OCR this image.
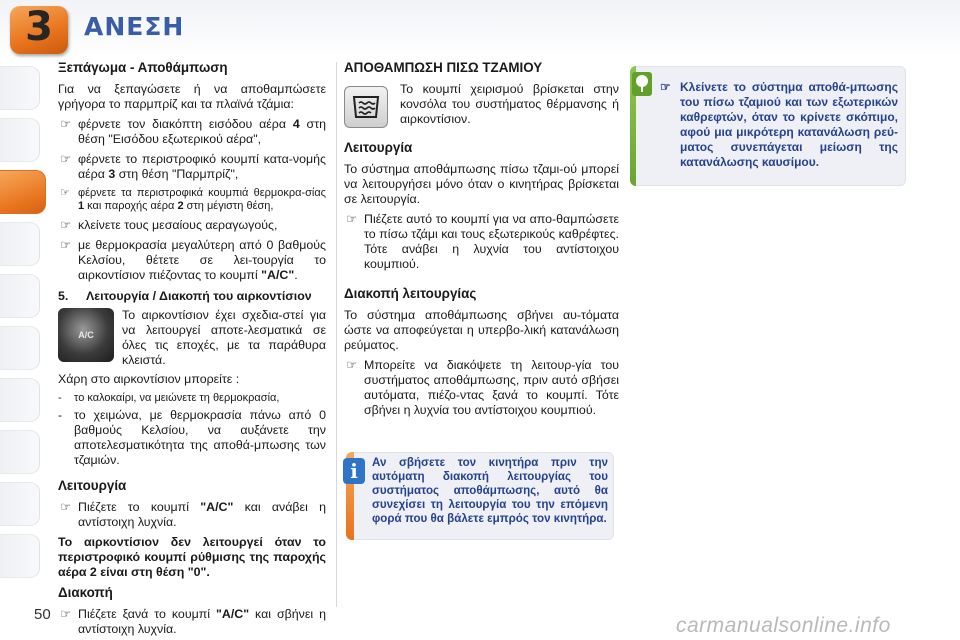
3	ΑΝΕΣΗ
Ξεπάγωμα - Αποθάμπωση

Για να ξεπαγώσετε ή να αποθαμπώσετε γρήγορα το παρμπρίζ και τα πλαϊνά τζάμια:

☞ φέρνετε τον διακόπτη εισόδου αέρα 4 στη θέση "Εισόδου εξωτερικού αέρα",
☞ φέρνετε το περιστροφικό κουμπί κατα-νομής αέρα 3 στη θέση "Παρμπρίζ",
☞ φέρνετε τα περιστροφικά κουμπιά θερμοκρα-σίας 1 και παροχής αέρα 2 στη μέγιστη θέση,
☞ κλείνετε τους μεσαίους αεραγωγούς,
☞ με θερμοκρασία μεγαλύτερη από 0 βαθμούς Κελσίου, θέτετε σε λει-τουργία το αιρκοντίσιον πιέζοντας το κουμπί "A/C".
5.	Λειτουργία / Διακοπή του αιρκοντίσιον
A/C
Το αιρκοντίσιον έχει σχεδια-στεί για να λειτουργεί αποτε-λεσματικά σε όλες τις εποχές, με τα παράθυρα κλειστά.

Χάρη στο αιρκοντίσιον μπορείτε :

-	το καλοκαίρι, να μειώνετε τη θερμοκρασία,
- το χειμώνα, με θερμοκρασία πάνω από 0 βαθμούς Κελσίου, να αυξάνετε την αποτελεσματικότητα της αποθά-μπωσης των τζαμιών.
Λειτουργία
☞ Πιέζετε το κουμπί "A/C" και ανάβει η αντίστοιχη λυχνία.

Το αιρκοντίσιον δεν λειτουργεί όταν το περιστροφικό κουμπί ρύθμισης της παροχής αέρα 2 είναι στη θέση "0".

Διακοπή
☞ Πιέζετε ξανά το κουμπί "A/C" και σβήνει η αντίστοιχη λυχνία.
ΑΠΟΘΑΜΠΩΣΗ ΠΙΣΩ ΤΖΑΜΙΟΥ
Το κουμπί χειρισμού βρίσκεται στην κονσόλα του συστήματος θέρμανσης ή αιρκοντίσιον.
Λειτουργία

Το σύστημα αποθάμπωσης πίσω τζαμι-ού μπορεί να λειτουργήσει μόνο όταν ο κινητήρας βρίσκεται σε λειτουργία.

☞ Πιέζετε αυτό το κουμπί για να απο-θαμπώσετε το πίσω τζάμι και τους εξωτερικούς καθρέφτες. Τότε ανάβει η λυχνία του αντίστοιχου κουμπιού.
Διακοπή λειτουργίας

Το σύστημα αποθάμπωσης σβήνει αυ-τόματα ώστε να αποφεύγεται η υπερβο-λική κατανάλωση ρεύματος.

☞ Μπορείτε να διακόψετε τη λειτουρ-γία του συστήματος αποθάμπωσης, πριν αυτό σβήσει αυτόματα, πιέζο-ντας ξανά το κουμπί. Τότε σβήνει η λυχνία του αντίστοιχου κουμπιού.
i	Αν σβήσετε τον κινητήρα πριν την αυτόματη διακοπή λειτουργίας του συστήματος αποθάμπωσης, αυτό θα συνεχίσει τη λειτουργία του την επόμενη φορά που θα βάλετε εμπρός τον κινητήρα.
☞ Κλείνετε το σύστημα αποθά-μπωσης του πίσω τζαμιού και των εξωτερικών καθρεφτών, όταν το κρίνετε σκόπιμο, αφού μια μικρότερη κατανάλωση ρεύ-ματος συνεπάγεται μείωση της κατανάλωσης καυσίμου.
50	carmanualsonline.info
